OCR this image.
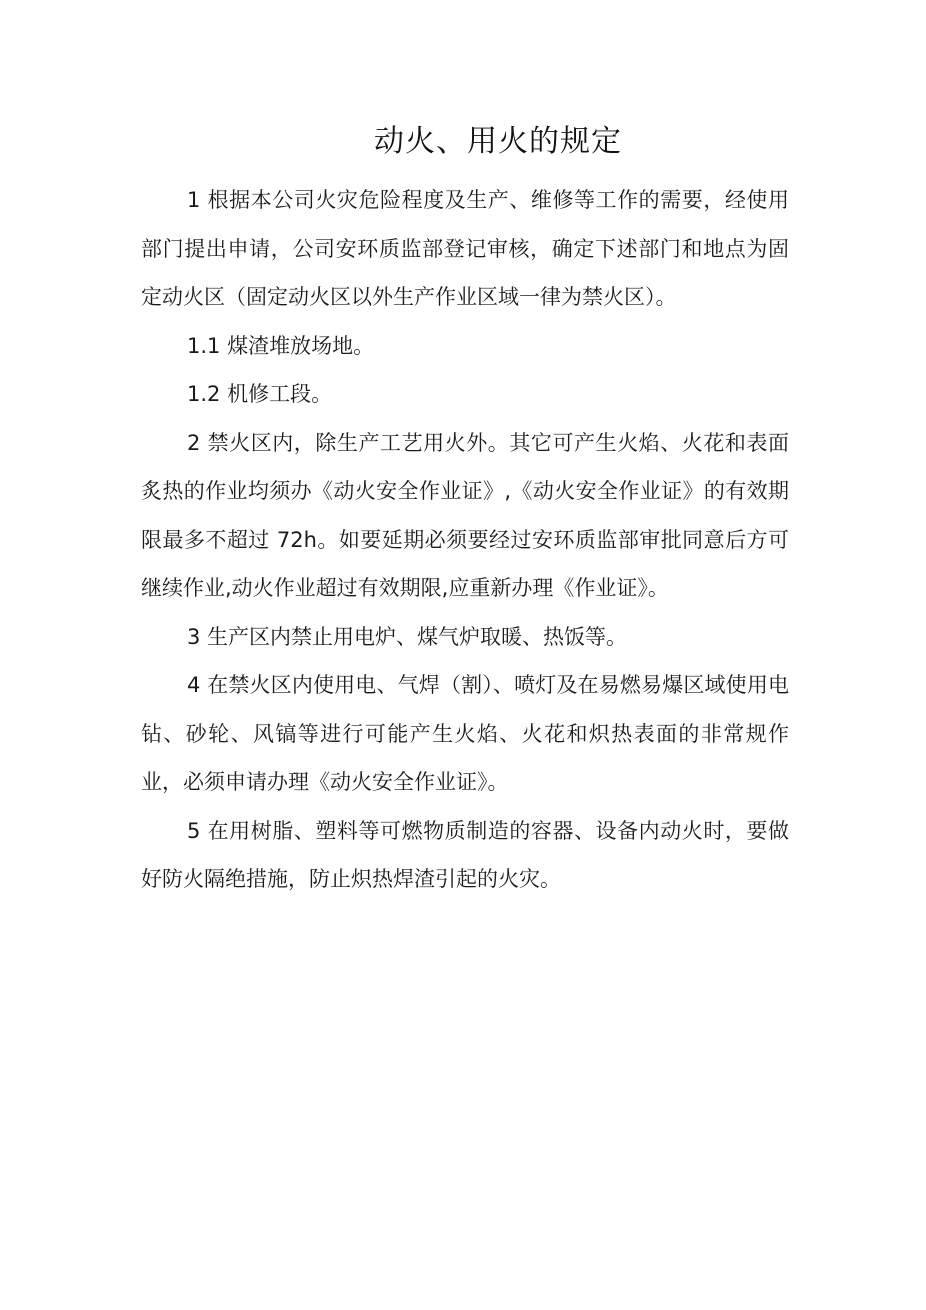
动火、用火的规定

1 根据本公司火灾危险程度及生产、维修等工作的需要，经使用部门提出申请，公司安环质监部登记审核，确定下述部门和地点为固定动火区（固定动火区以外生产作业区域一律为禁火区）。

1.1 煤渣堆放场地。

1.2 机修工段。

2 禁火区内，除生产工艺用火外。其它可产生火焰、火花和表面炙热的作业均须办《动火安全作业证》,《动火安全作业证》的有效期限最多不超过 72h。如要延期必须要经过安环质监部审批同意后方可继续作业,动火作业超过有效期限,应重新办理《作业证》。

3 生产区内禁止用电炉、煤气炉取暖、热饭等。

4 在禁火区内使用电、气焊（割）、喷灯及在易燃易爆区域使用电钻、砂轮、风镐等进行可能产生火焰、火花和炽热表面的非常规作业，必须申请办理《动火安全作业证》。

5 在用树脂、塑料等可燃物质制造的容器、设备内动火时，要做好防火隔绝措施，防止炽热焊渣引起的火灾。
